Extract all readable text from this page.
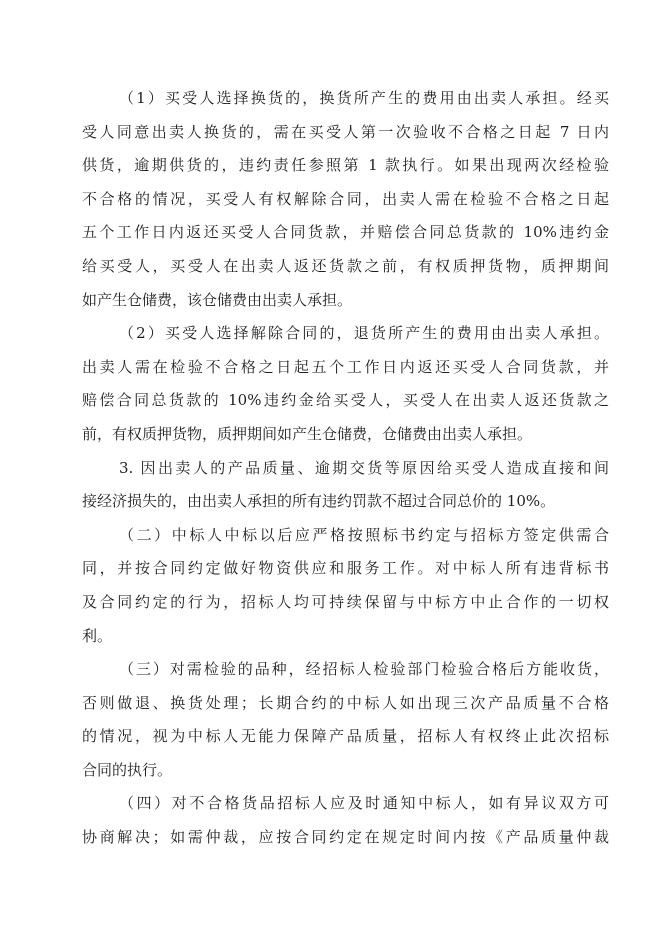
（1）买受人选择换货的，换货所产生的费用由出卖人承担。经买
受人同意出卖人换货的，需在买受人第一次验收不合格之日起 7 日内
供货，逾期供货的，违约责任参照第 1 款执行。如果出现两次经检验
不合格的情况，买受人有权解除合同，出卖人需在检验不合格之日起
五个工作日内返还买受人合同货款，并赔偿合同总货款的 10%违约金
给买受人，买受人在出卖人返还货款之前，有权质押货物，质押期间
如产生仓储费，该仓储费由出卖人承担。
（2）买受人选择解除合同的，退货所产生的费用由出卖人承担。
出卖人需在检验不合格之日起五个工作日内返还买受人合同货款，并
赔偿合同总货款的 10%违约金给买受人，买受人在出卖人返还货款之
前，有权质押货物，质押期间如产生仓储费，仓储费由出卖人承担。
3. 因出卖人的产品质量、逾期交货等原因给买受人造成直接和间
接经济损失的，由出卖人承担的所有违约罚款不超过合同总价的 10%。
（二）中标人中标以后应严格按照标书约定与招标方签定供需合
同，并按合同约定做好物资供应和服务工作。对中标人所有违背标书
及合同约定的行为，招标人均可持续保留与中标方中止合作的一切权
利。
（三）对需检验的品种，经招标人检验部门检验合格后方能收货，
否则做退、换货处理；长期合约的中标人如出现三次产品质量不合格
的情况，视为中标人无能力保障产品质量，招标人有权终止此次招标
合同的执行。
（四）对不合格货品招标人应及时通知中标人，如有异议双方可
协商解决；如需仲裁，应按合同约定在规定时间内按《产品质量仲裁
